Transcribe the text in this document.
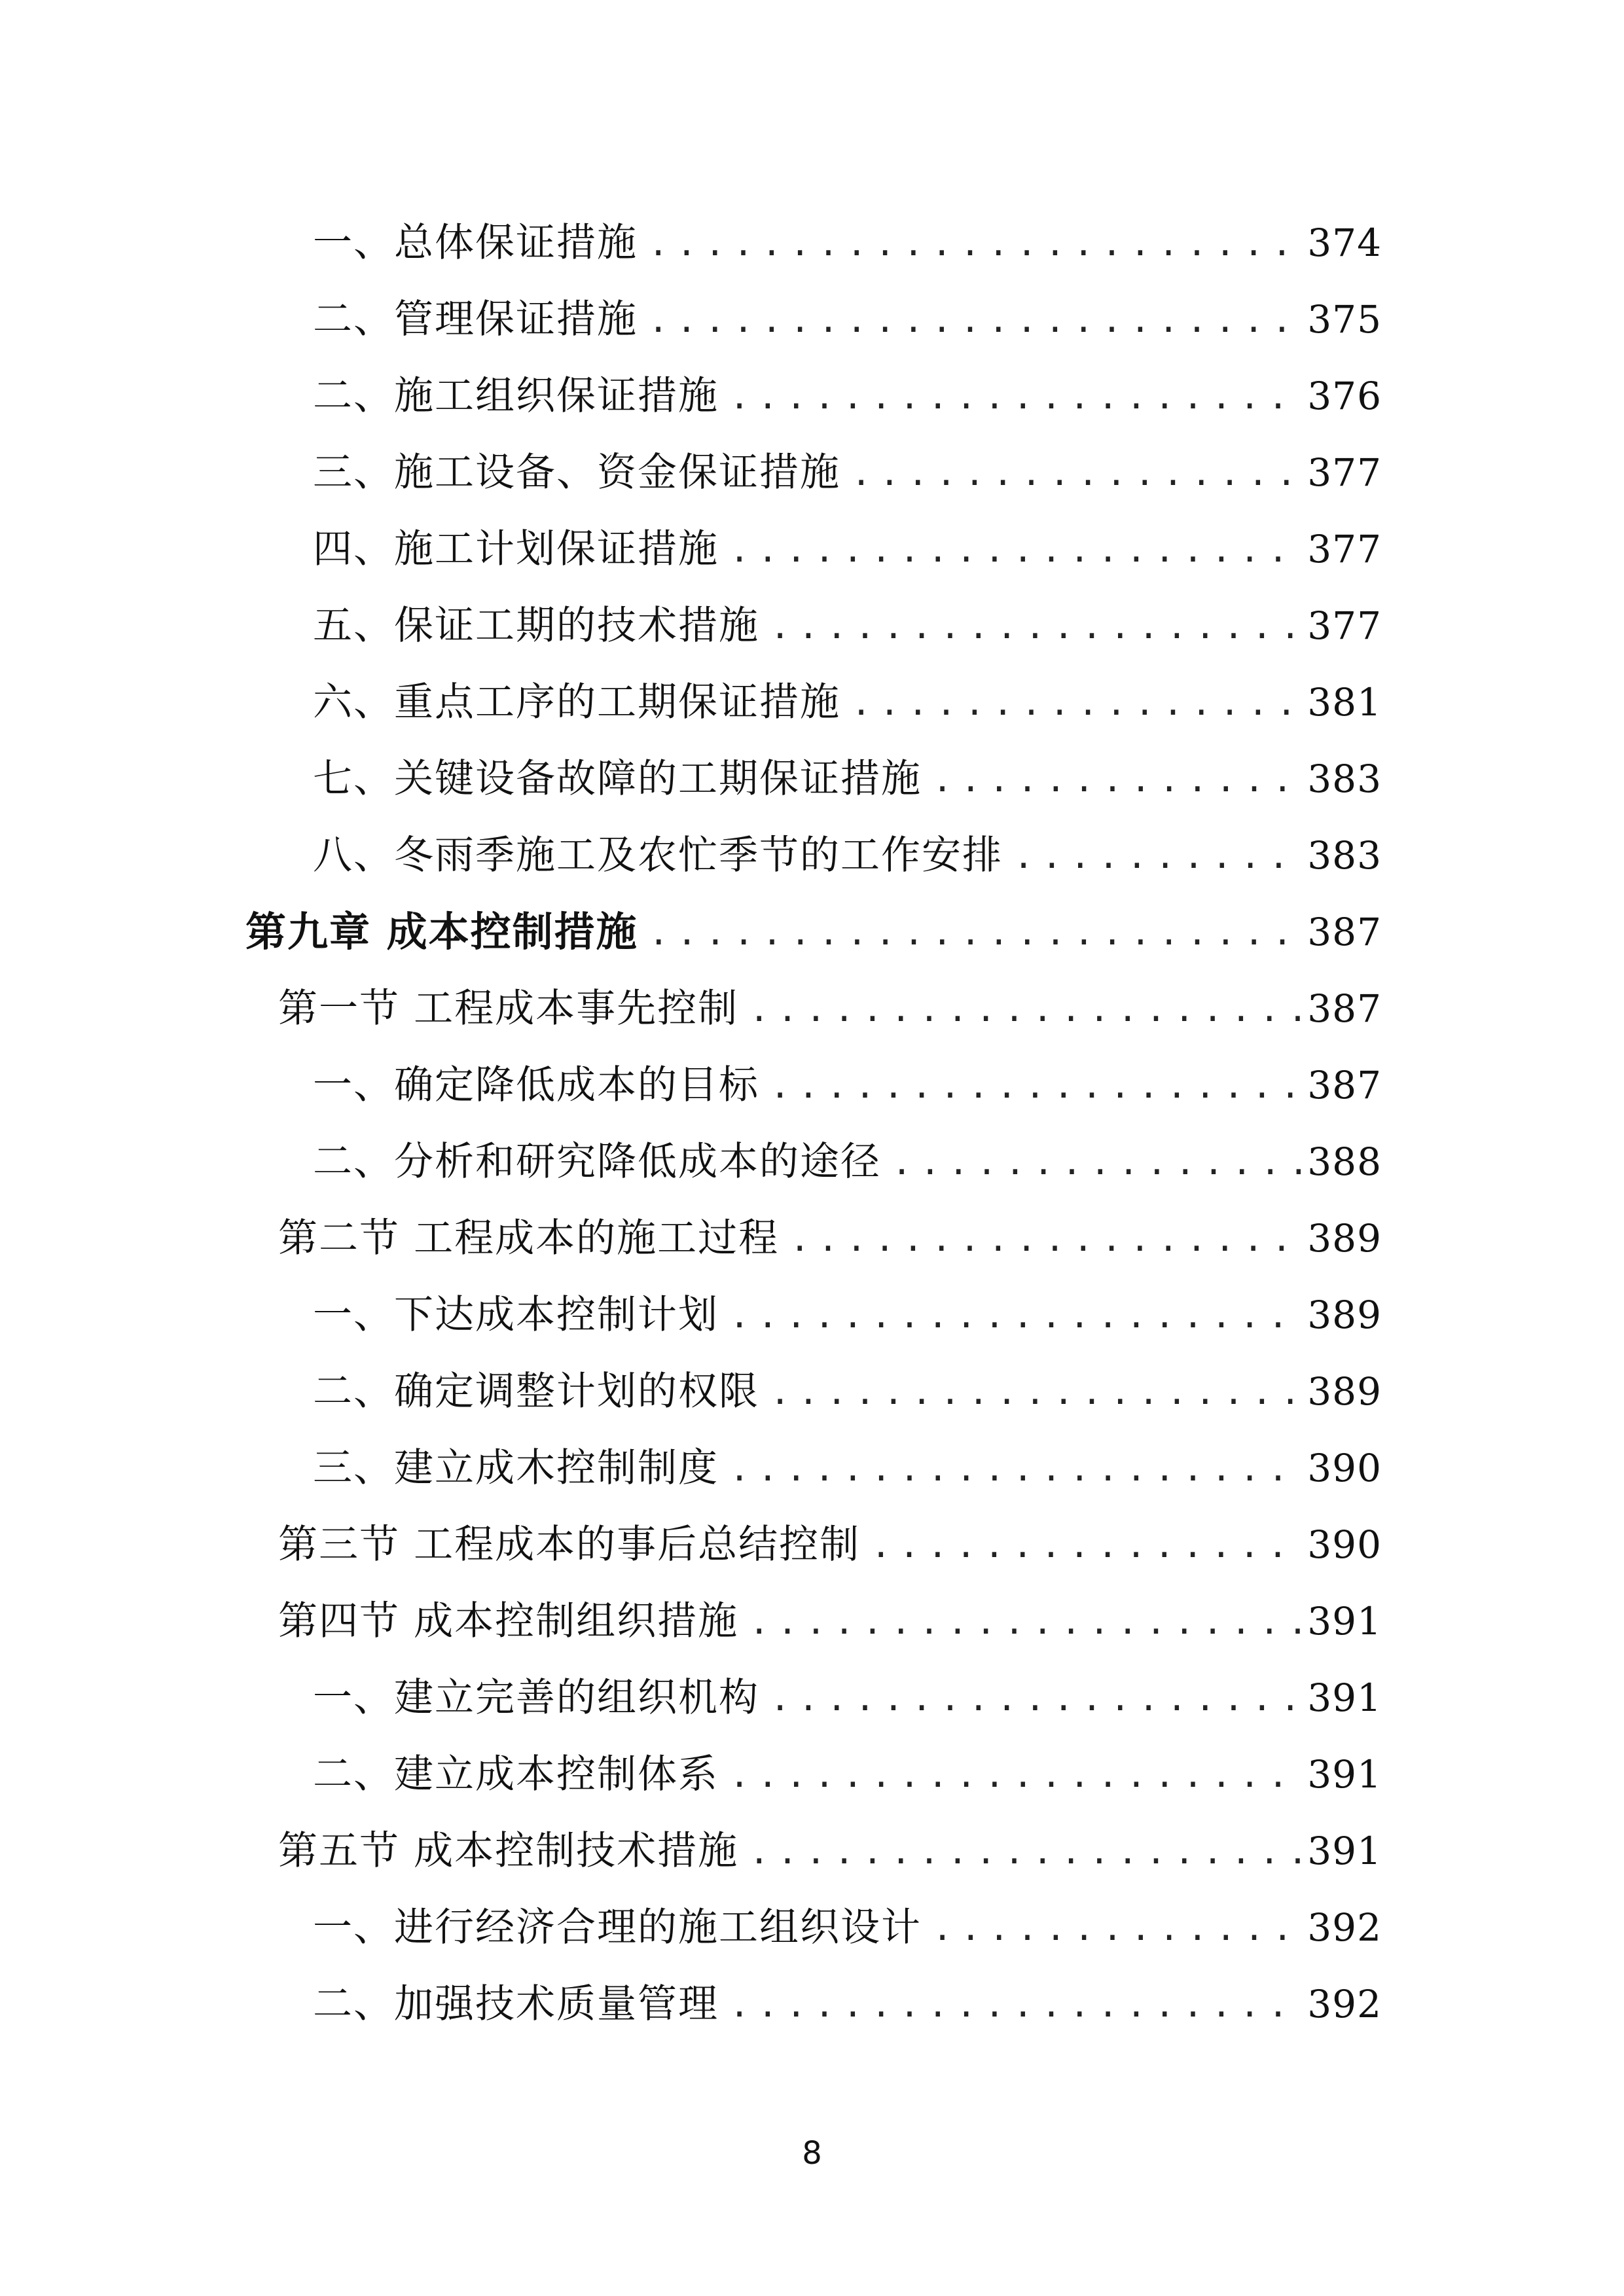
一、总体保证措施 .....	374
二、管理保证措施 .....	375
二、施工组织保证措施 .....	376
三、施工设备、资金保证措施 .....	377
四、施工计划保证措施 .....	377
五、保证工期的技术措施 .....	377
六、重点工序的工期保证措施 .....	381
七、关键设备故障的工期保证措施 .....	383
八、冬雨季施工及农忙季节的工作安排 .....	383
第九章 成本控制措施 .....	387
第一节 工程成本事先控制 .....	387
一、确定降低成本的目标 .....	387
二、分析和研究降低成本的途径 .....	388
第二节 工程成本的施工过程 .....	389
一、下达成本控制计划 .....	389
二、确定调整计划的权限 .....	389
三、建立成木控制制度 .....	390
第三节 工程成本的事后总结控制 .....	390
第四节 成本控制组织措施 .....	391
一、建立完善的组织机构 .....	391
二、建立成本控制体系 .....	391
第五节 成本控制技术措施 .....	391
一、进行经济合理的施工组织设计 .....	392
二、加强技术质量管理 .....	392
8
